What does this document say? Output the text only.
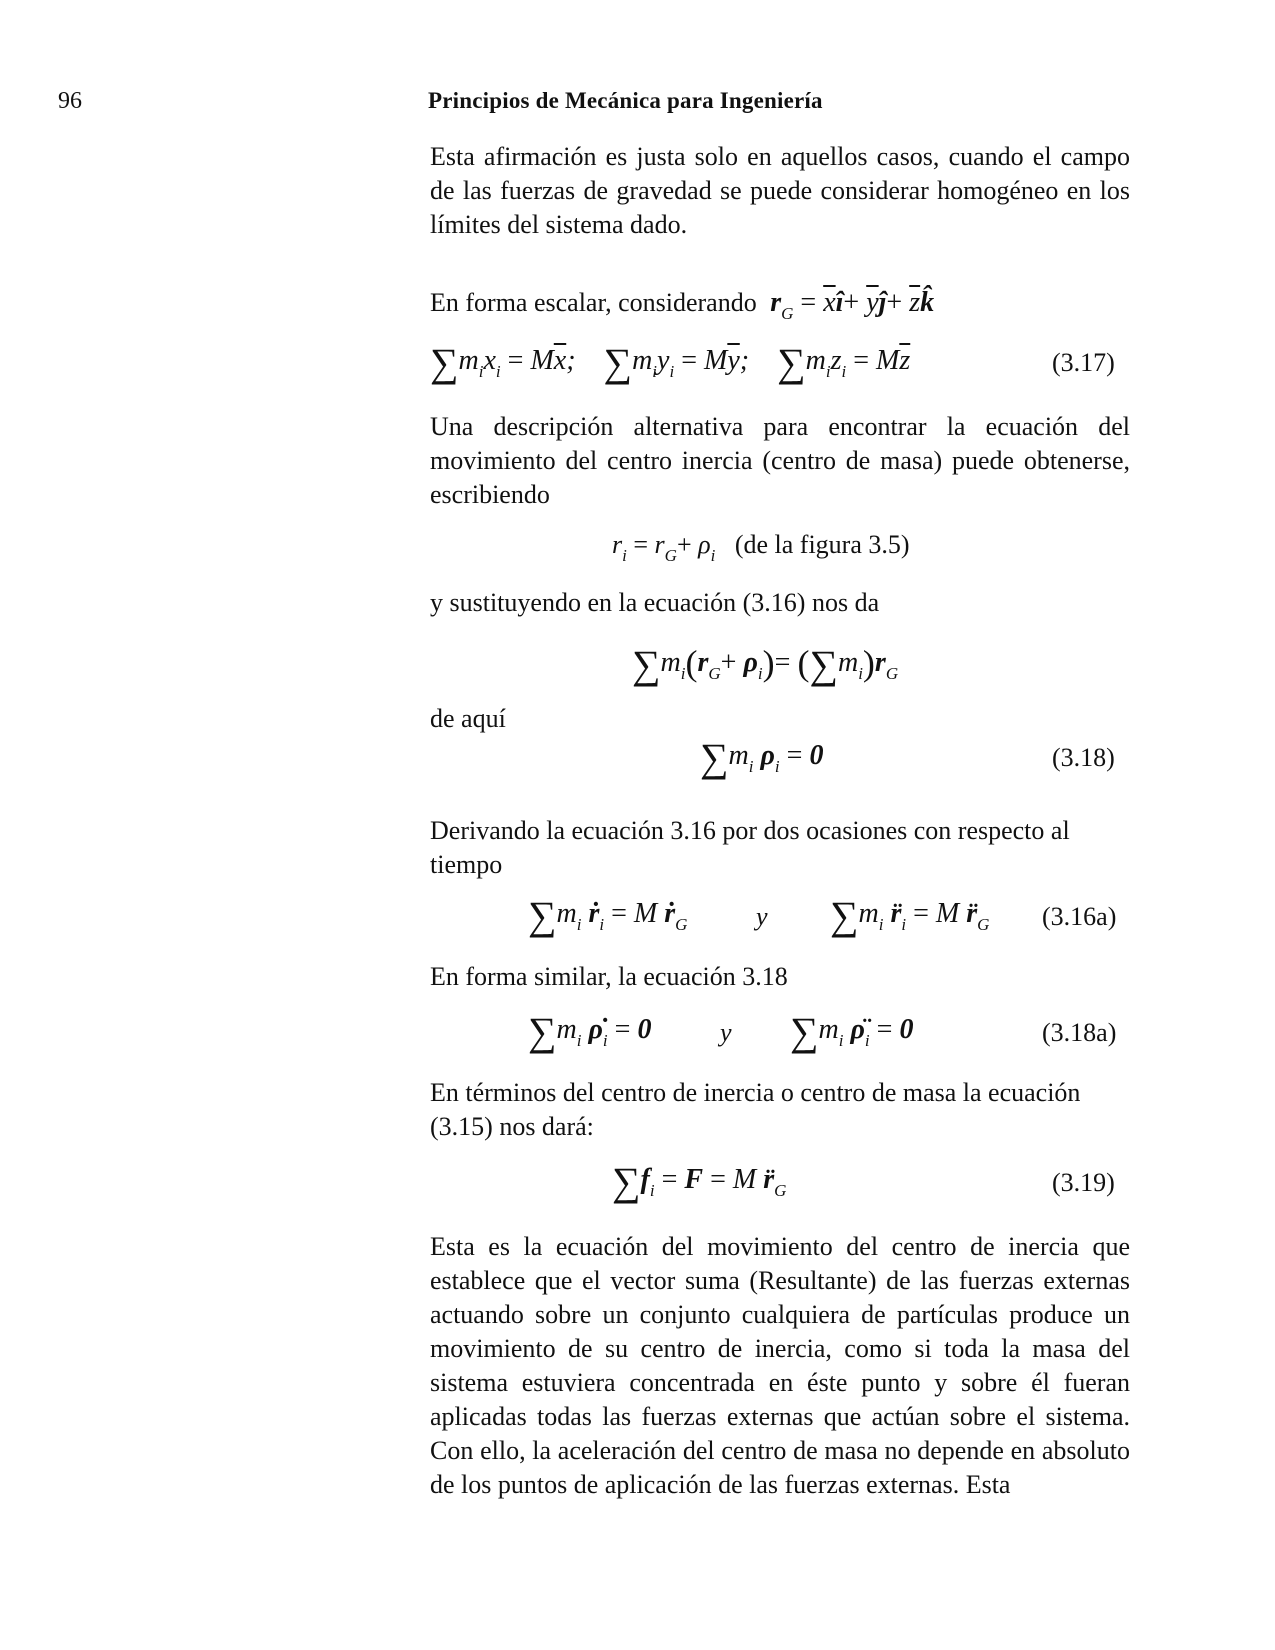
96	Principios de Mecánica para Ingeniería

Esta afirmación es justa solo en aquellos casos, cuando el campo de las fuerzas de gravedad se puede considerar homogéneo en los límites del sistema dado.

En forma escalar, considerando $r_G$ = $\overline{x}î+$ $\overline{y}ĵ+$ $\overline{z}k̂$
$\sum m_ix_i = M\overline{x}$; $\sum m_iy_i = M\overline{y}$; $\sum m_iz_i = M\overline{z}$	(3.17)

Una descripción alternativa para encontrar la ecuación del movimiento del centro inercia (centro de masa) puede obtenerse, escribiendo

$r_i = r_G+ \rho_i$ (de la figura 3.5)

y sustituyendo en la ecuación (3.16) nos da

$\sum m_i(r_G+ \rho_i)= (\sum m_i)r_G$

de aquí

$\sum m_i$ $\rho_i = 0$	(3.18)

Derivando la ecuación 3.16 por dos ocasiones con respecto al tiempo

$\sum m_i$ ṙ$_i$ = M ṙ$_G$	y $\sum m_i$ $r̈_i = M$ $r̈_G$ (3.16a)

En forma similar, la ecuación 3.18

$\sum m_i$ $\rhȯ_i = 0$	y $\sum m_i$ $\rhö_i = 0$	(3.18a)

En términos del centro de inercia o centro de masa la ecuación (3.15) nos dará:

$\sum f_i = F = M$ $r̈_G$	(3.19)

Esta es la ecuación del movimiento del centro de inercia que establece que el vector suma (Resultante) de las fuerzas externas actuando sobre un conjunto cualquiera de partículas produce un movimiento de su centro de inercia, como si toda la masa del sistema estuviera concentrada en éste punto y sobre él fueran aplicadas todas las fuerzas externas que actúan sobre el sistema. Con ello, la aceleración del centro de masa no depende en absoluto de los puntos de aplicación de las fuerzas externas. Esta
